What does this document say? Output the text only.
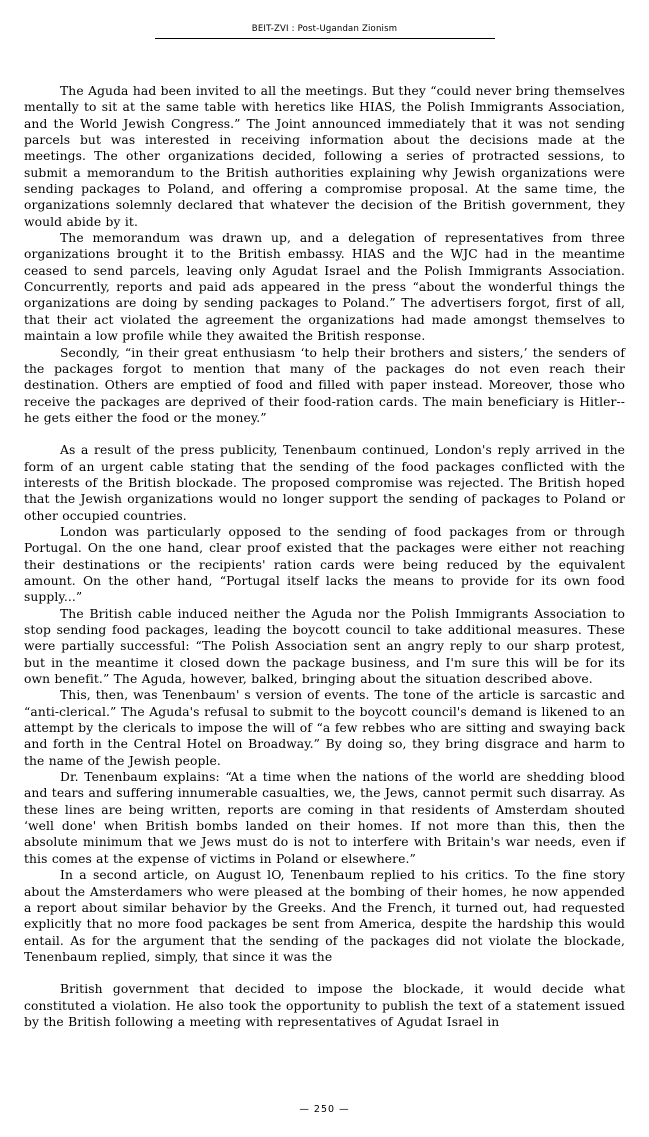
BEIT-ZVI : Post-Ugandan Zionism

The Aguda had been invited to all the meetings. But they “could never bring themselves mentally to sit at the same table with heretics like HIAS, the Polish Immigrants Association, and the World Jewish Congress.” The Joint announced immediately that it was not sending parcels but was interested in receiving information about the decisions made at the meetings. The other organizations decided, following a series of protracted sessions, to submit a memorandum to the British authorities explaining why Jewish organizations were sending packages to Poland, and offering a compromise proposal. At the same time, the organizations solemnly declared that whatever the decision of the British government, they would abide by it.

The memorandum was drawn up, and a delegation of representatives from three organizations brought it to the British embassy. HIAS and the WJC had in the meantime ceased to send parcels, leaving only Agudat Israel and the Polish Immigrants Association. Concurrently, reports and paid ads appeared in the press “about the wonderful things the organizations are doing by sending packages to Poland.” The advertisers forgot, first of all, that their act violated the agreement the organizations had made amongst themselves to maintain a low profile while they awaited the British response.

Secondly, “in their great enthusiasm ‘to help their brothers and sisters,’ the senders of the packages forgot to mention that many of the packages do not even reach their destination. Others are emptied of food and filled with paper instead. Moreover, those who receive the packages are deprived of their food-ration cards. The main beneficiary is Hitler--he gets either the food or the money.”

As a result of the press publicity, Tenenbaum continued, London's reply arrived in the form of an urgent cable stating that the sending of the food packages conflicted with the interests of the British blockade. The proposed compromise was rejected. The British hoped that the Jewish organizations would no longer support the sending of packages to Poland or other occupied countries.

London was particularly opposed to the sending of food packages from or through Portugal. On the one hand, clear proof existed that the packages were either not reaching their destinations or the recipients' ration cards were being reduced by the equivalent amount. On the other hand, “Portugal itself lacks the means to provide for its own food supply...”

The British cable induced neither the Aguda nor the Polish Immigrants Association to stop sending food packages, leading the boycott council to take additional measures. These were partially successful: “The Polish Association sent an angry reply to our sharp protest, but in the meantime it closed down the package business, and I'm sure this will be for its own benefit.” The Aguda, however, balked, bringing about the situation described above.

This, then, was Tenenbaum' s version of events. The tone of the article is sarcastic and “anti-clerical.” The Aguda's refusal to submit to the boycott council's demand is likened to an attempt by the clericals to impose the will of “a few rebbes who are sitting and swaying back and forth in the Central Hotel on Broadway.” By doing so, they bring disgrace and harm to the name of the Jewish people.

Dr. Tenenbaum explains: “At a time when the nations of the world are shedding blood and tears and suffering innumerable casualties, we, the Jews, cannot permit such disarray. As these lines are being written, reports are coming in that residents of Amsterdam shouted ‘well done' when British bombs landed on their homes. If not more than this, then the absolute minimum that we Jews must do is not to interfere with Britain's war needs, even if this comes at the expense of victims in Poland or elsewhere.”

In a second article, on August lO, Tenenbaum replied to his critics. To the fine story about the Amsterdamers who were pleased at the bombing of their homes, he now appended a report about similar behavior by the Greeks. And the French, it turned out, had requested explicitly that no more food packages be sent from America, despite the hardship this would entail. As for the argument that the sending of the packages did not violate the blockade, Tenenbaum replied, simply, that since it was the

British government that decided to impose the blockade, it would decide what constituted a violation. He also took the opportunity to publish the text of a statement issued by the British following a meeting with representatives of Agudat Israel in

— 250 —
